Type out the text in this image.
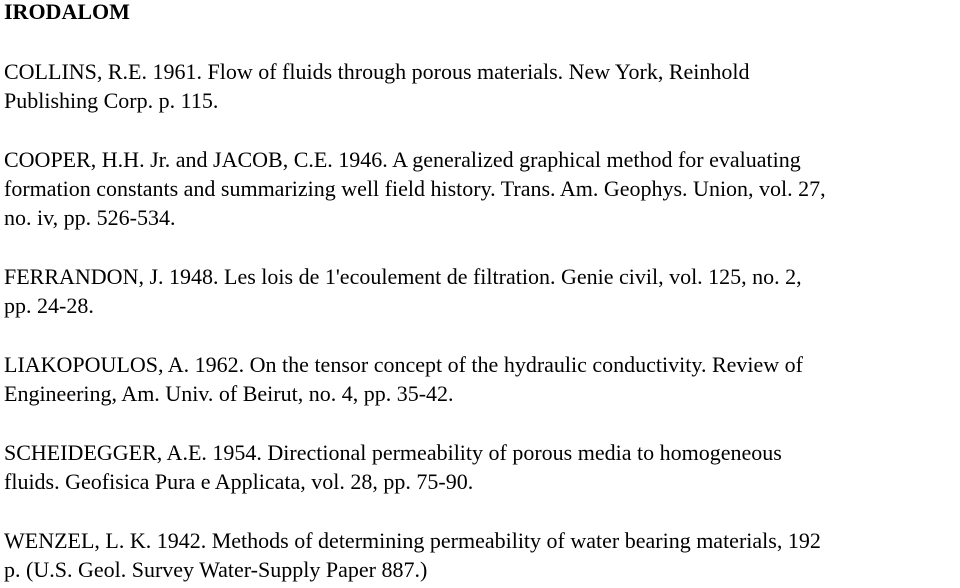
IRODALOM
COLLINS, R.E. 1961. Flow of fluids through porous materials. New York, Reinhold
Publishing Corp. p. 115.
COOPER, H.H. Jr. and JACOB, C.E. 1946. A generalized graphical method for evaluating
formation constants and summarizing well field history. Trans. Am. Geophys. Union, vol. 27,
no. iv, pp. 526-534.
FERRANDON, J. 1948. Les lois de 1'ecoulement de filtration. Genie civil, vol. 125, no. 2,
pp. 24-28.
LIAKOPOULOS, A. 1962. On the tensor concept of the hydraulic conductivity. Review of
Engineering, Am. Univ. of Beirut, no. 4, pp. 35-42.
SCHEIDEGGER, A.E. 1954. Directional permeability of porous media to homogeneous
fluids. Geofisica Pura e Applicata, vol. 28, pp. 75-90.
WENZEL, L. K. 1942. Methods of determining permeability of water bearing materials, 192
p. (U.S. Geol. Survey Water-Supply Paper 887.)
